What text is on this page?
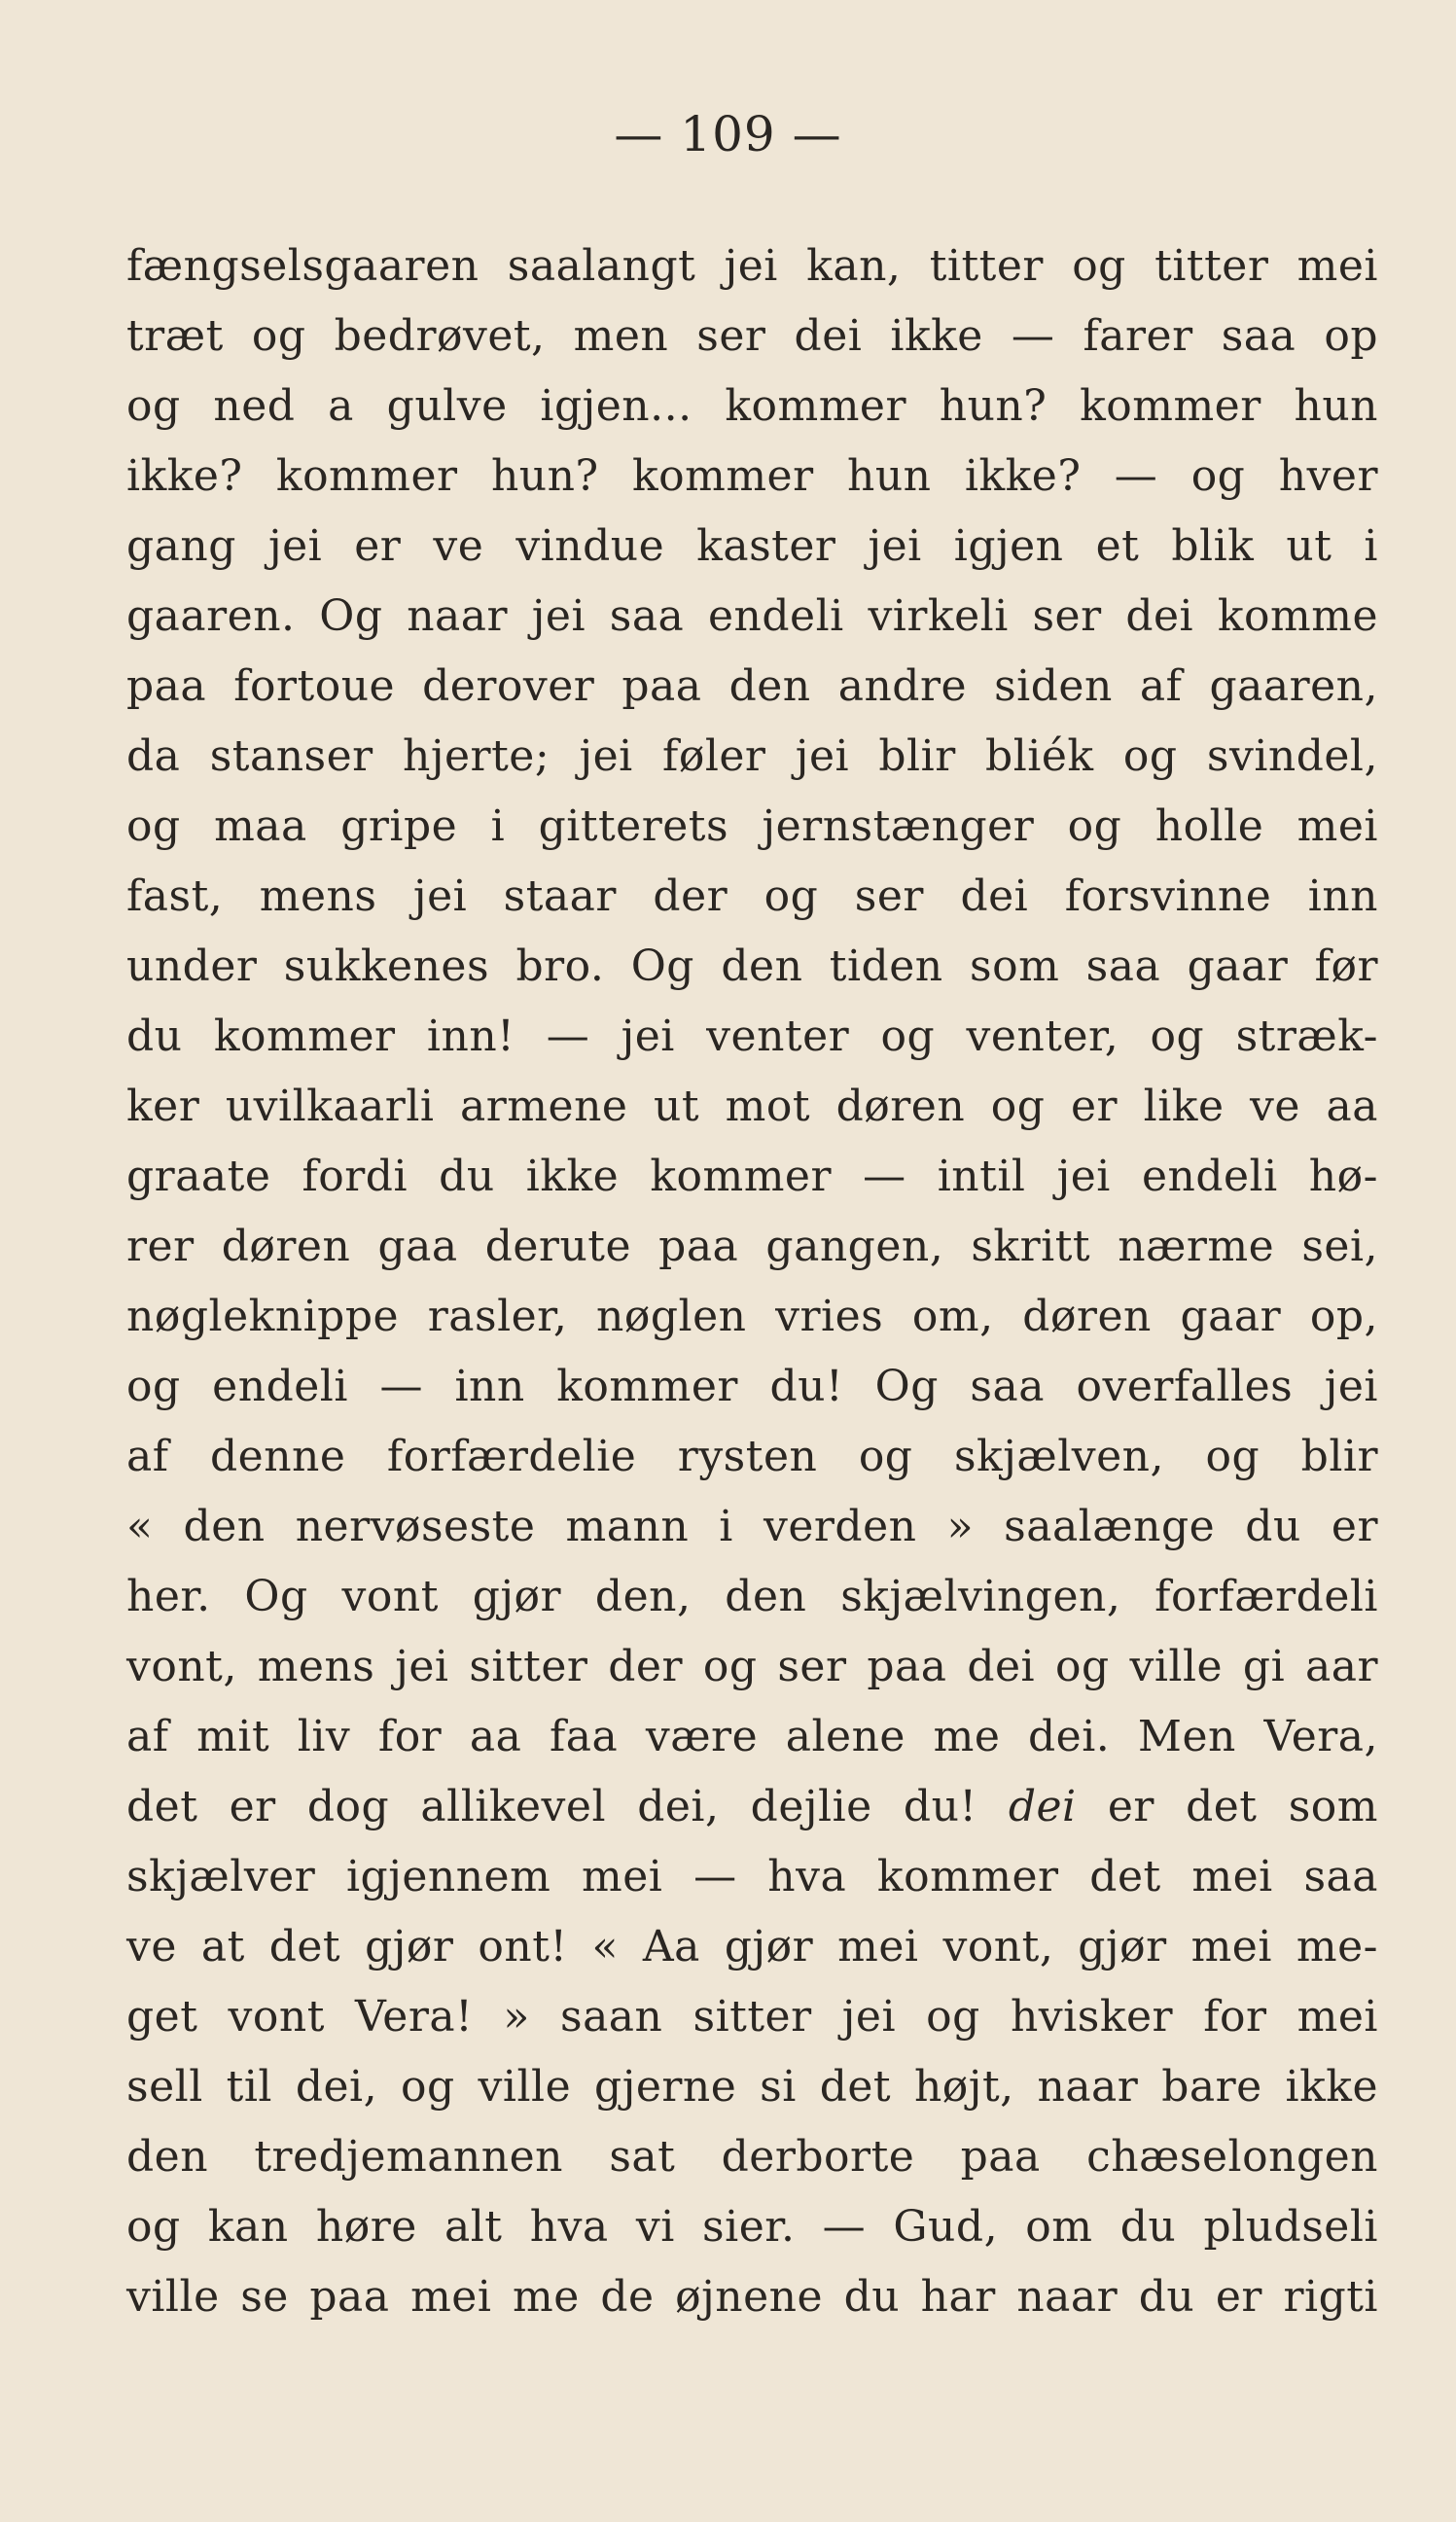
— 109 —
fængselsgaaren saalangt jei kan, titter og titter mei
træt og bedrøvet, men ser dei ikke — farer saa op
og ned a gulve igjen... kommer hun? kommer hun
ikke? kommer hun? kommer hun ikke? — og hver
gang jei er ve vindue kaster jei igjen et blik ut i
gaaren. Og naar jei saa endeli virkeli ser dei komme
paa fortoue derover paa den andre siden af gaaren,
da stanser hjerte; jei føler jei blir bliék og svindel,
og maa gripe i gitterets jernstænger og holle mei
fast, mens jei staar der og ser dei forsvinne inn
under sukkenes bro. Og den tiden som saa gaar før
du kommer inn! — jei venter og venter, og stræk-
ker uvilkaarli armene ut mot døren og er like ve aa
graate fordi du ikke kommer — intil jei endeli hø-
rer døren gaa derute paa gangen, skritt nærme sei,
nøgleknippe rasler, nøglen vries om, døren gaar op,
og endeli — inn kommer du! Og saa overfalles jei
af denne forfærdelie rysten og skjælven, og blir
« den nervøseste mann i verden » saalænge du er
her. Og vont gjør den, den skjælvingen, forfærdeli
vont, mens jei sitter der og ser paa dei og ville gi aar
af mit liv for aa faa være alene me dei. Men Vera,
det er dog allikevel dei, dejlie du! dei er det som
skjælver igjennem mei — hva kommer det mei saa
ve at det gjør ont! « Aa gjør mei vont, gjør mei me-
get vont Vera! » saan sitter jei og hvisker for mei
sell til dei, og ville gjerne si det højt, naar bare ikke
den tredjemannen sat derborte paa chæselongen
og kan høre alt hva vi sier. — Gud, om du pludseli
ville se paa mei me de øjnene du har naar du er rigti
